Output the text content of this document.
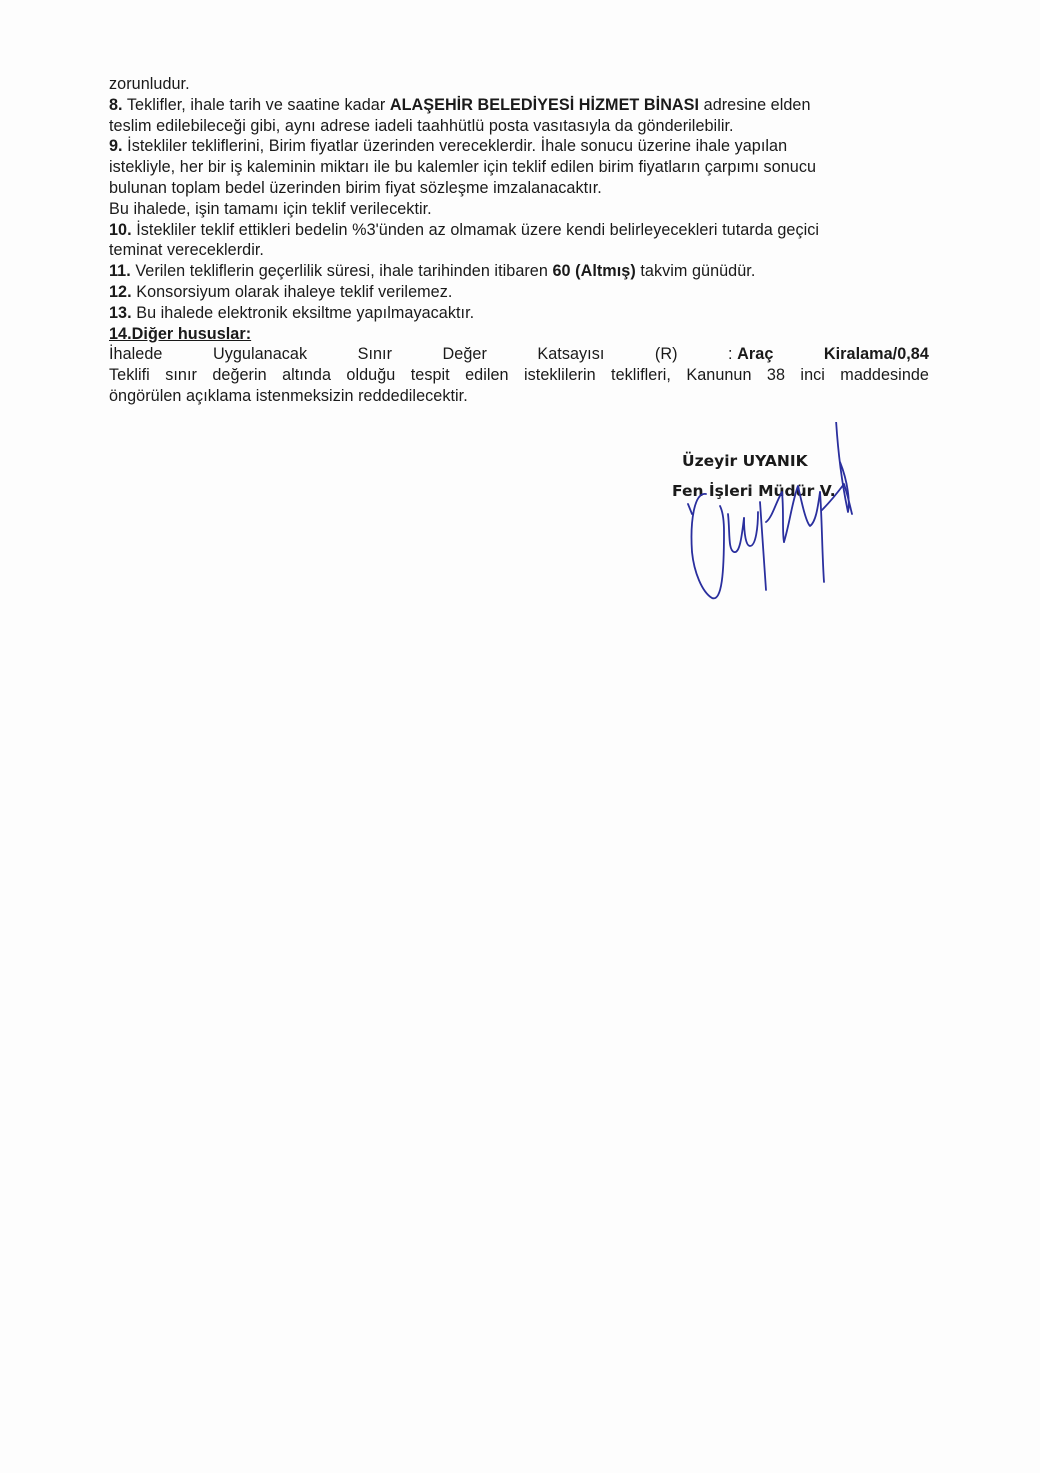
zorunludur.

8. Teklifler, ihale tarih ve saatine kadar ALAŞEHİR BELEDİYESİ HİZMET BİNASI adresine elden

teslim edilebileceği gibi, aynı adrese iadeli taahhütlü posta vasıtasıyla da gönderilebilir.

9. İstekliler tekliflerini, Birim fiyatlar üzerinden vereceklerdir. İhale sonucu üzerine ihale yapılan

istekliyle, her bir iş kaleminin miktarı ile bu kalemler için teklif edilen birim fiyatların çarpımı sonucu

bulunan toplam bedel üzerinden birim fiyat sözleşme imzalanacaktır.

Bu ihalede, işin tamamı için teklif verilecektir.

10. İstekliler teklif ettikleri bedelin %3'ünden az olmamak üzere kendi belirleyecekleri tutarda geçici

teminat vereceklerdir.

11. Verilen tekliflerin geçerlilik süresi, ihale tarihinden itibaren 60 (Altmış) takvim günüdür.

12. Konsorsiyum olarak ihaleye teklif verilemez.

13. Bu ihalede elektronik eksiltme yapılmayacaktır.

14.Diğer hususlar:

İhalede	Uygulanacak	Sınır	Değer	Katsayısı	(R)	: Araç	Kiralama/0,84

Teklifi sınır değerin altında olduğu tespit edilen isteklilerin teklifleri, Kanunun 38 inci maddesinde

öngörülen açıklama istenmeksizin reddedilecektir.

Üzeyir UYANIK
Fen İşleri Müdür V.
